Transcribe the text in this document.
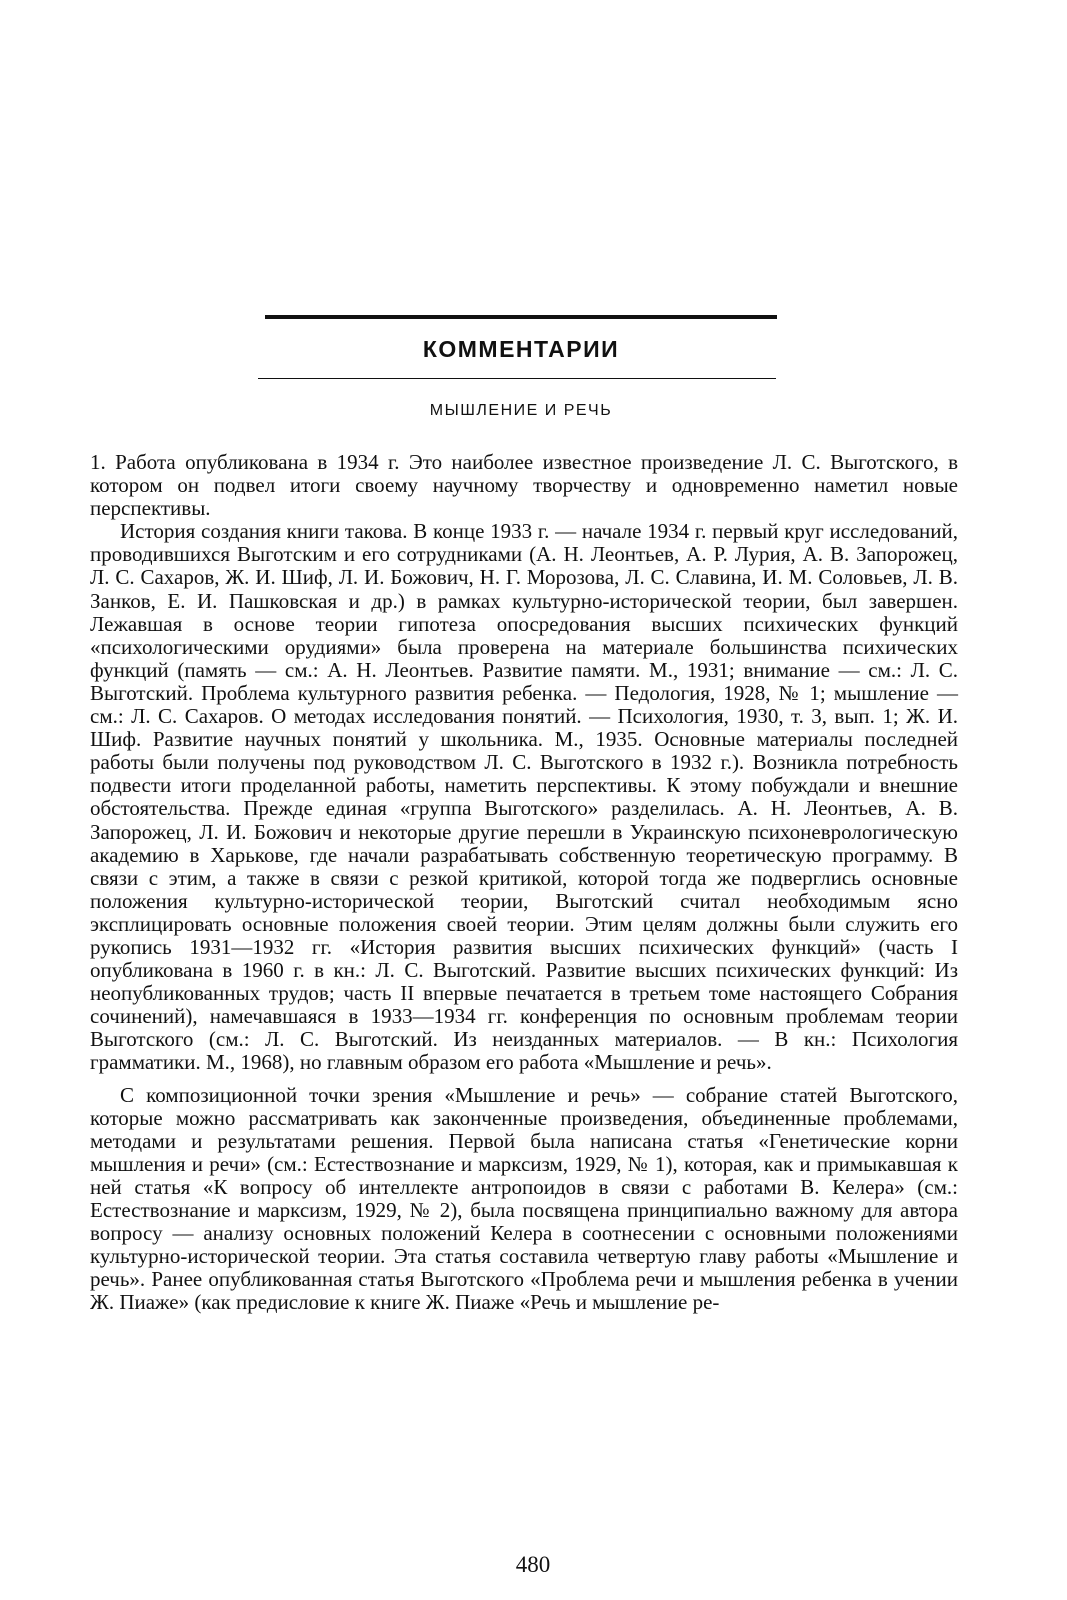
КОММЕНТАРИИ
МЫШЛЕНИЕ И РЕЧЬ

1. Работа опубликована в 1934 г. Это наиболее известное произведение Л. С. Выготского, в котором он подвел итоги своему научному творчеству и одновременно наметил новые перспективы.

История создания книги такова. В конце 1933 г. — начале 1934 г. первый круг исследований, проводившихся Выготским и его сотрудниками (А. Н. Леонтьев, А. Р. Лурия, А. В. Запорожец, Л. С. Сахаров, Ж. И. Шиф, Л. И. Божович, Н. Г. Морозова, Л. С. Славина, И. М. Соловьев, Л. В. Занков, Е. И. Пашковская и др.) в рамках культурно-исторической теории, был завершен. Лежавшая в основе теории гипотеза опосредования высших психических функций «психологическими орудиями» была проверена на материале большинства психических функций (память — см.: А. Н. Леонтьев. Развитие памяти. М., 1931; внимание — см.: Л. С. Выготский. Проблема культурного развития ребенка. — Педология, 1928, № 1; мышление — см.: Л. С. Сахаров. О методах исследования понятий. — Психология, 1930, т. 3, вып. 1; Ж. И. Шиф. Развитие научных понятий у школьника. М., 1935. Основные материалы последней работы были получены под руководством Л. С. Выготского в 1932 г.). Возникла потребность подвести итоги проделанной работы, наметить перспективы. К этому побуждали и внешние обстоятельства. Прежде единая «группа Выготского» разделилась. А. Н. Леонтьев, А. В. Запорожец, Л. И. Божович и некоторые другие перешли в Украинскую психоневрологическую академию в Харькове, где начали разрабатывать собственную теоретическую программу. В связи с этим, а также в связи с резкой критикой, которой тогда же подверглись основные положения культурно-исторической теории, Выготский считал необходимым ясно эксплицировать основные положения своей теории. Этим целям должны были служить его рукопись 1931—1932 гг. «История развития высших психических функций» (часть I опубликована в 1960 г. в кн.: Л. С. Выготский. Развитие высших психических функций: Из неопубликованных трудов; часть II впервые печатается в третьем томе настоящего Собрания сочинений), намечавшаяся в 1933—1934 гг. конференция по основным проблемам теории Выготского (см.: Л. С. Выготский. Из неизданных материалов. — В кн.: Психология грамматики. М., 1968), но главным образом его работа «Мышление и речь».

С композиционной точки зрения «Мышление и речь» — собрание статей Выготского, которые можно рассматривать как законченные произведения, объединенные проблемами, методами и результатами решения. Первой была написана статья «Генетические корни мышления и речи» (см.: Естествознание и марксизм, 1929, № 1), которая, как и примыкавшая к ней статья «К вопросу об интеллекте антропоидов в связи с работами В. Келера» (см.: Естествознание и марксизм, 1929, № 2), была посвящена принципиально важному для автора вопросу — анализу основных положений Келера в соотнесении с основными положениями культурно-исторической теории. Эта статья составила четвертую главу работы «Мышление и речь». Ранее опубликованная статья Выготского «Проблема речи и мышления ребенка в учении Ж. Пиаже» (как предисловие к книге Ж. Пиаже «Речь и мышление ре-

480
